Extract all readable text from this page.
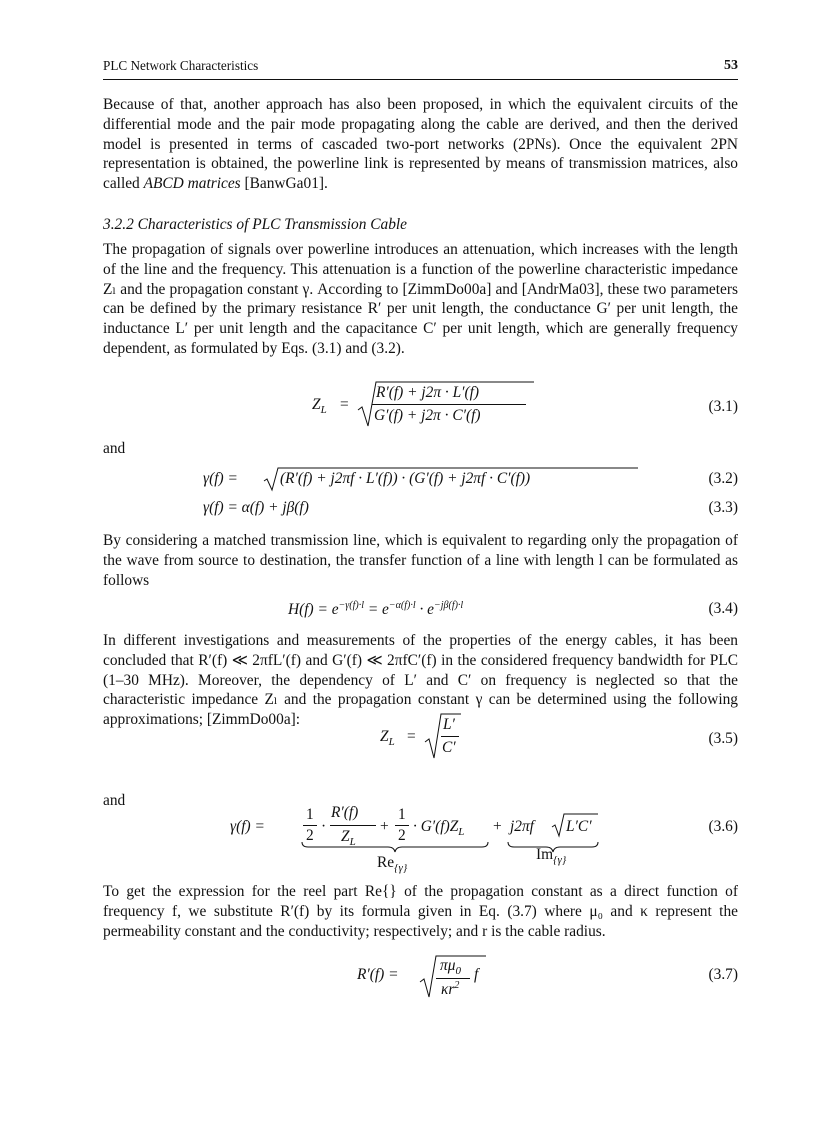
PLC Network Characteristics	53

Because of that, another approach has also been proposed, in which the equivalent circuits of the differential mode and the pair mode propagating along the cable are derived, and then the derived model is presented in terms of cascaded two-port networks (2PNs). Once the equivalent 2PN representation is obtained, the powerline link is represented by means of transmission matrices, also called ABCD matrices [BanwGa01].

3.2.2 Characteristics of PLC Transmission Cable

The propagation of signals over powerline introduces an attenuation, which increases with the length of the line and the frequency. This attenuation is a function of the powerline characteristic impedance Zₗ and the propagation constant γ. According to [ZimmDo00a] and [AndrMa03], these two parameters can be defined by the primary resistance R′ per unit length, the conductance G′ per unit length, the inductance L′ per unit length and the capacitance C′ per unit length, which are generally frequency dependent, as formulated by Eqs. (3.1) and (3.2).

$Z_L$ =
R′(f) + j2π · L′(f)
G′(f) + j2π · C′(f)
(3.1)
and
γ(f) =	(R′(f) + j2πf · L′(f)) · (G′(f) + j2πf · C′(f))	(3.2)
γ(f) = α(f) + jβ(f)	(3.3)

By considering a matched transmission line, which is equivalent to regarding only the propagation of the wave from source to destination, the transfer function of a line with length l can be formulated as follows

$H(f) = e^{-\gamma(f)\cdot l} = e^{-\alpha(f)\cdot l} \cdot e^{-j\beta(f)\cdot l}$	(3.4)

In different investigations and measurements of the properties of the energy cables, it has been concluded that R′(f) ≪ 2πfL′(f) and G′(f) ≪ 2πfC′(f) in the considered frequency bandwidth for PLC (1–30 MHz). Moreover, the dependency of L′ and C′ on frequency is neglected so that the characteristic impedance Zₗ and the propagation constant γ can be determined using the following approximations; [ZimmDo00a]:

$Z_L$ =
L′
C′
(3.5)
and
γ(f) =
1
2
·
R′(f)
$Z_L$
+
1
2
· $G'(f)Z_L + j2\pi f$ L′C′
$Re_{\{\gamma\}}$
$Im_{\{\gamma\}}$
(3.6)

To get the expression for the reel part Re{} of the propagation constant as a direct function of frequency f, we substitute R′(f) by its formula given in Eq. (3.7) where μ₀ and κ represent the permeability constant and the conductivity; respectively; and r is the cable radius.

R′(f) =
$\pi\mu_0$
$\kappa r^2$
f	(3.7)
